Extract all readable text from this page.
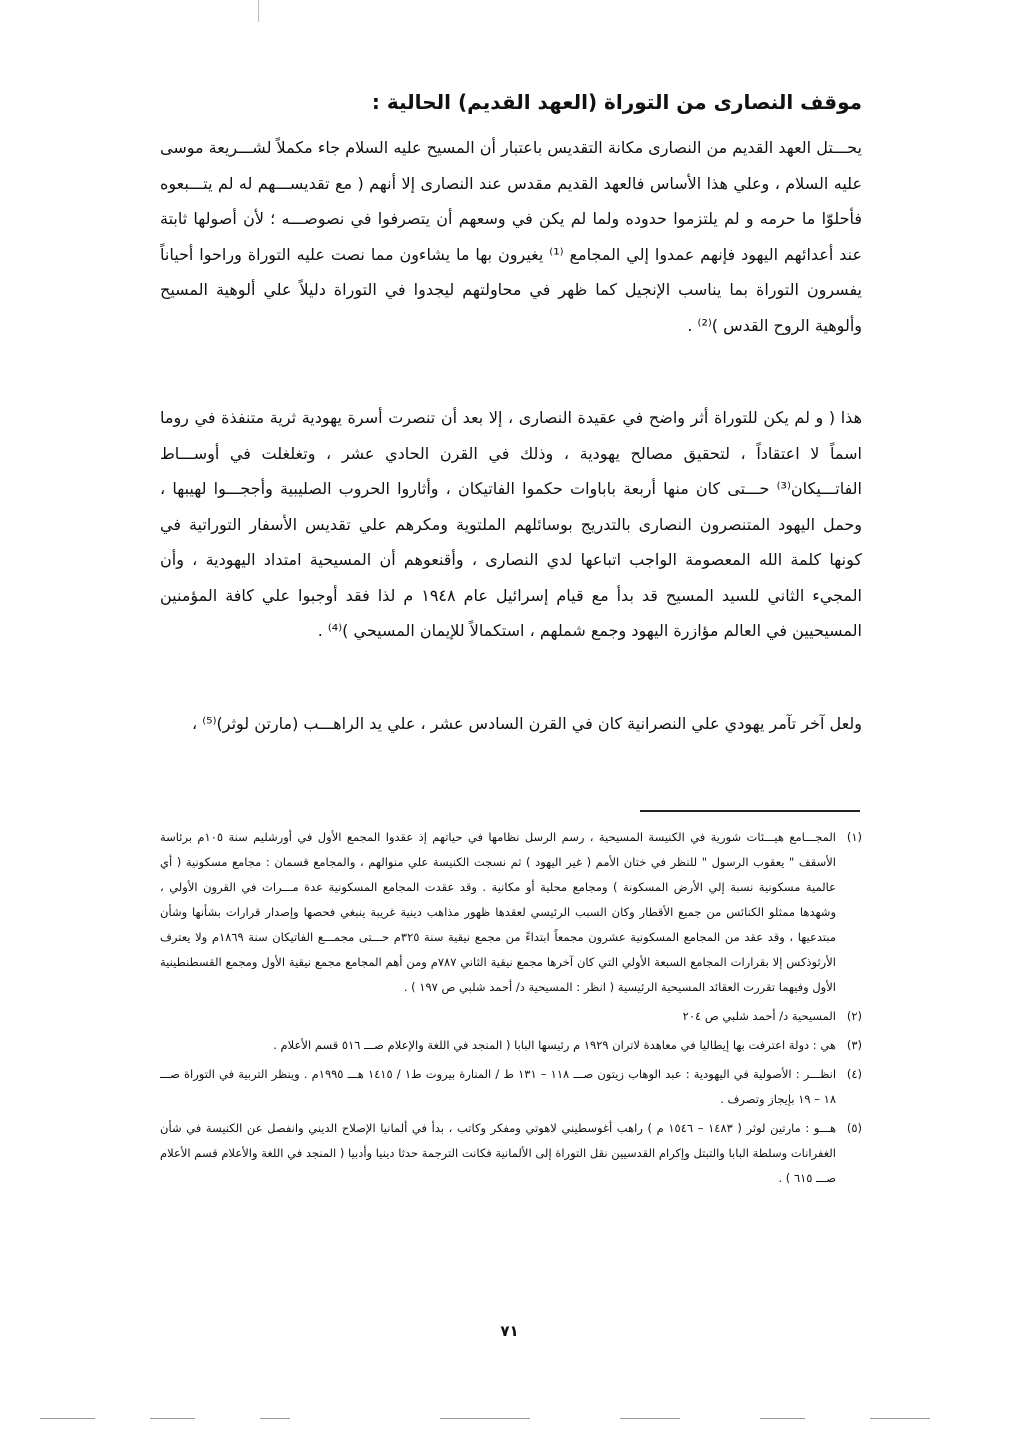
موقف النصارى من التوراة (العهد القديم) الحالية :

يحـــتل العهد القديم من النصارى مكانة التقديس باعتبار أن المسيح عليه السلام جاء مكملاً لشـــريعة موسى عليه السلام ، وعلي هذا الأساس فالعهد القديم مقدس عند النصارى إلا أنهم ( مع تقديســـهم له لم يتـــبعوه فأحلوّا ما حرمه و لم يلتزموا حدوده ولما لم يكن في وسعهم أن يتصرفوا في نصوصـــه ؛ لأن أصولها ثابتة عند أعدائهم اليهود فإنهم عمدوا إلي المجامع ⁽¹⁾ يغيرون بها ما يشاءون مما نصت عليه التوراة وراحوا أحياناً يفسرون التوراة بما يناسب الإنجيل كما ظهر في محاولتهم ليجدوا في التوراة دليلاً علي ألوهية المسيح وألوهية الروح القدس )⁽²⁾ .

هذا ( و لم يكن للتوراة أثر واضح في عقيدة النصارى ، إلا بعد أن تنصرت أسرة يهودية ثرية متنفذة في روما اسماً لا اعتقاداً ، لتحقيق مصالح يهودية ، وذلك في القرن الحادي عشر ، وتغلغلت في أوســـاط الفاتـــيكان⁽³⁾ حـــتى كان منها أربعة باباوات حكموا الفاتيكان ، وأثاروا الحروب الصليبية وأججـــوا لهيبها ، وحمل اليهود المتنصرون النصارى بالتدريج بوسائلهم الملتوية ومكرهم علي تقديس الأسفار التوراتية في كونها كلمة الله المعصومة الواجب اتباعها لدي النصارى ، وأقنعوهم أن المسيحية امتداد اليهودية ، وأن المجيء الثاني للسيد المسيح قد بدأ مع قيام إسرائيل عام ١٩٤٨ م لذا فقد أوجبوا علي كافة المؤمنين المسيحيين في العالم مؤازرة اليهود وجمع شملهم ، استكمالاً للإيمان المسيحي )⁽⁴⁾ .

ولعل آخر تآمر يهودي علي النصرانية كان في القرن السادس عشر ، علي يد الراهـــب (مارتن لوثر)⁽⁵⁾ ،

(١)
المجـــامع هيـــئات شورية في الكنيسة المسيحية ، رسم الرسل نظامها في حياتهم إذ عقدوا المجمع الأول في أورشليم سنة ١٠٥م برئاسة الأسقف " يعقوب الرسول " للنظر في ختان الأمم ( غير اليهود ) ثم نسجت الكنيسة علي منوالهم ، والمجامع قسمان : مجامع مسكونية ( أي عالمية مسكونية نسبة إلي الأرض المسكونة ) ومجامع محلية أو مكانية . وقد عقدت المجامع المسكونية عدة مـــرات في القرون الأولي ، وشهدها ممثلو الكنائس من جميع الأقطار وكان السبب الرئيسي لعقدها ظهور مذاهب دينية غريبة ينبغي فحصها وإصدار قرارات بشأنها وشأن مبتدعيها ، وقد عقد من المجامع المسكونية عشرون مجمعاً ابتداءً من مجمع نيقية سنة ٣٢٥م حـــتى مجمـــع الفاتيكان سنة ١٨٦٩م ولا يعترف الأرثوذكس إلا بقرارات المجامع السبعة الأولي التي كان آخرها مجمع نيقية الثاني ٧٨٧م ومن أهم المجامع مجمع نيقية الأول ومجمع القسطنطينية الأول وفيهما تقررت العقائد المسيحية الرئيسية ( انظر : المسيحية د/ أحمد شلبي ص ١٩٧ ) .
(٢)
المسيحية د/ أحمد شلبي ص ٢٠٤
(٣)
هي : دولة اعترفت بها إيطاليا في معاهدة لاتران ١٩٢٩ م رئيسها البابا ( المنجد في اللغة والإعلام صـــ ٥١٦ قسم الأعلام .
(٤)
انظـــر : الأصولية في اليهودية : عبد الوهاب زيتون صـــ ١١٨ – ١٣١ ط / المنارة بيروت ط١ / ١٤١٥ هـــ ١٩٩٥م . وينظر التربية في التوراة صـــ ١٨ – ١٩ بإيجاز وتصرف .
(٥)
هـــو : مارتين لوثر ( ١٤٨٣ – ١٥٤٦ م ) راهب أغوسطيني لاهوتي ومفكر وكاتب ، بدأ في ألمانيا الإصلاح الديني وانفصل عن الكنيسة في شأن الغفرانات وسلطة البابا والتبتل وإكرام القدسيين نقل التوراة إلى الألمانية فكانت الترجمة حدثا دينيا وأدبيا ( المنجد في اللغة والأعلام قسم الأعلام صـــ ٦١٥ ) .
٧١
